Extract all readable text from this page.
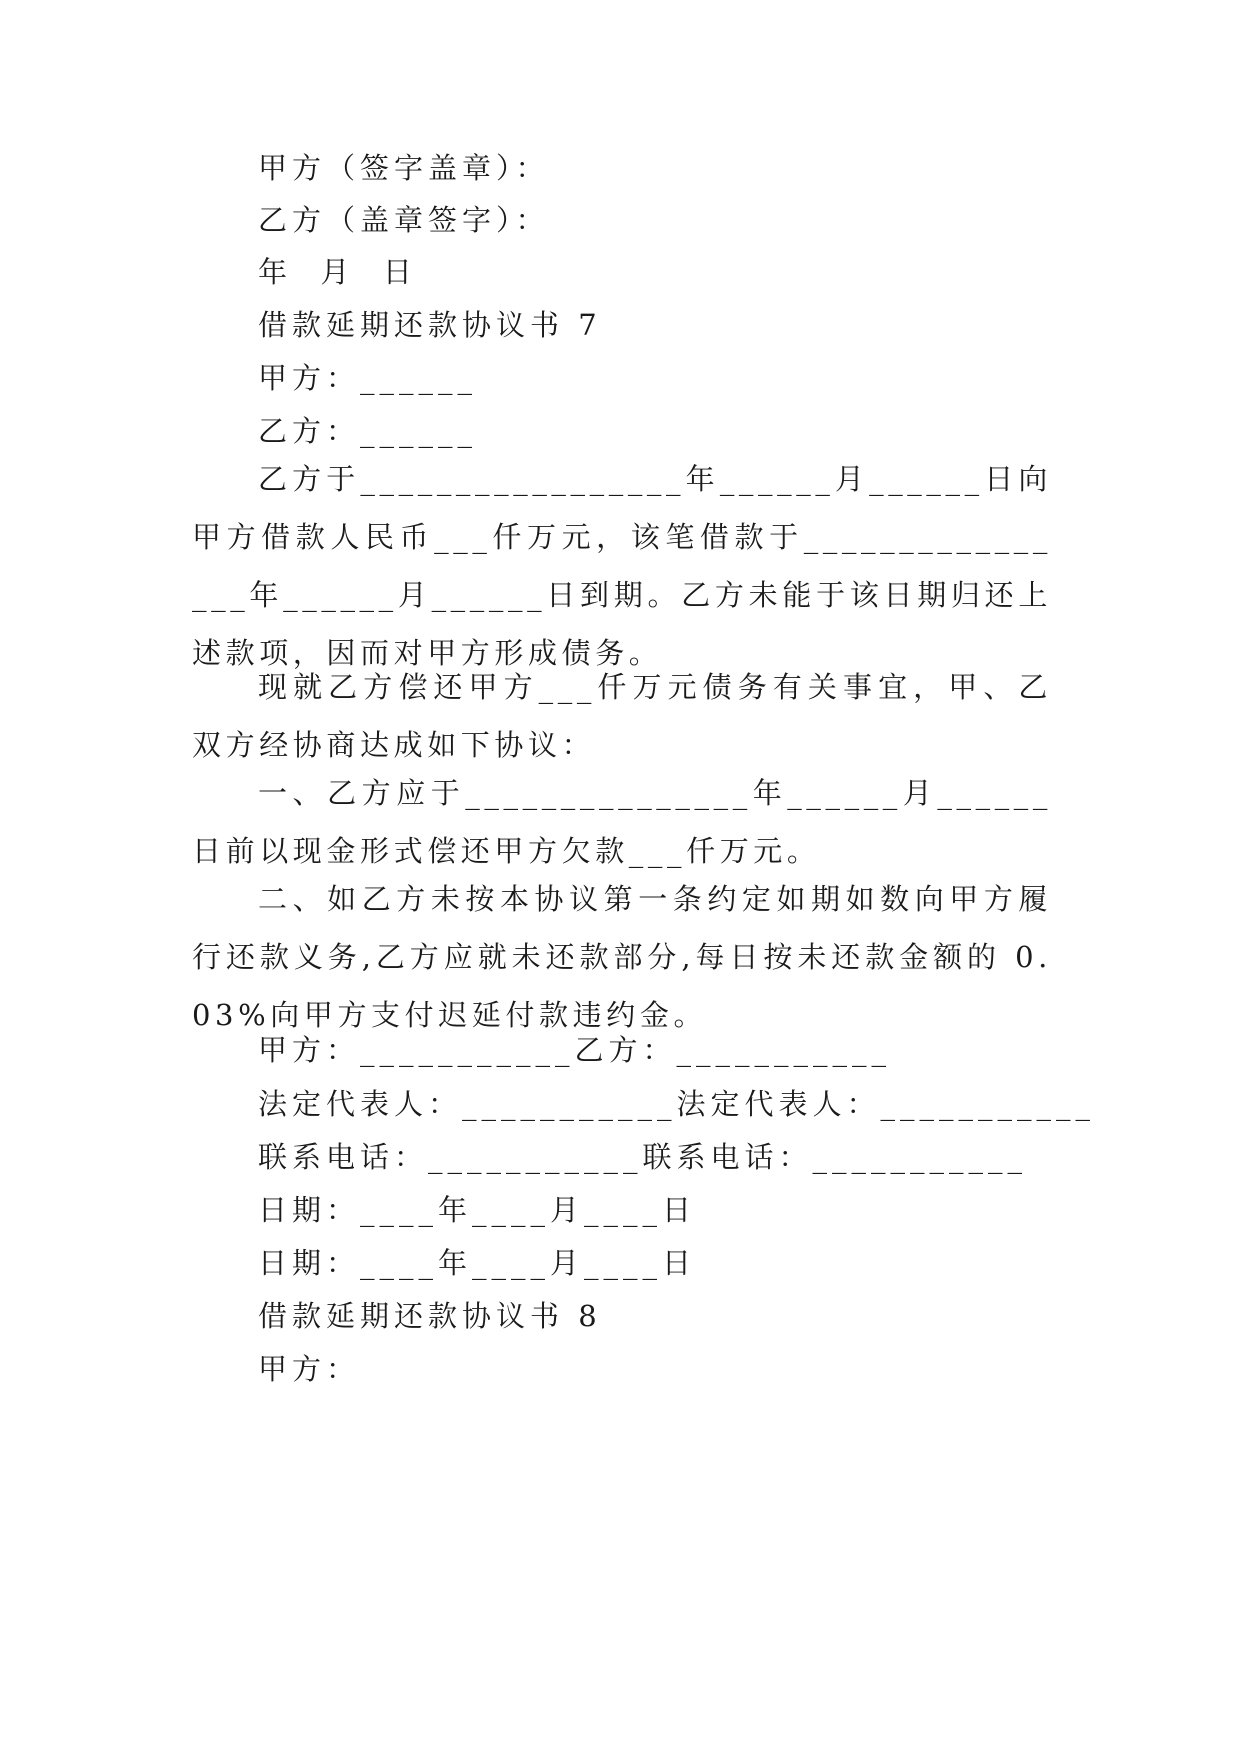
甲方（签字盖章）：
乙方（盖章签字）：
年  月  日
借款延期还款协议书 7
甲方：______
乙方：______
乙方于_________________年______月______日向甲方借款人民币___仟万元，该笔借款于________________年______月______日到期。乙方未能于该日期归还上述款项，因而对甲方形成债务。
现就乙方偿还甲方___仟万元债务有关事宜，甲、乙双方经协商达成如下协议：
一、乙方应于_______________年______月______日前以现金形式偿还甲方欠款___仟万元。
二、如乙方未按本协议第一条约定如期如数向甲方履行还款义务,乙方应就未还款部分,每日按未还款金额的 0.03%向甲方支付迟延付款违约金。
甲方：___________乙方：___________
法定代表人：___________法定代表人：___________
联系电话：___________联系电话：___________
日期：____年____月____日
日期：____年____月____日
借款延期还款协议书 8
甲方：
